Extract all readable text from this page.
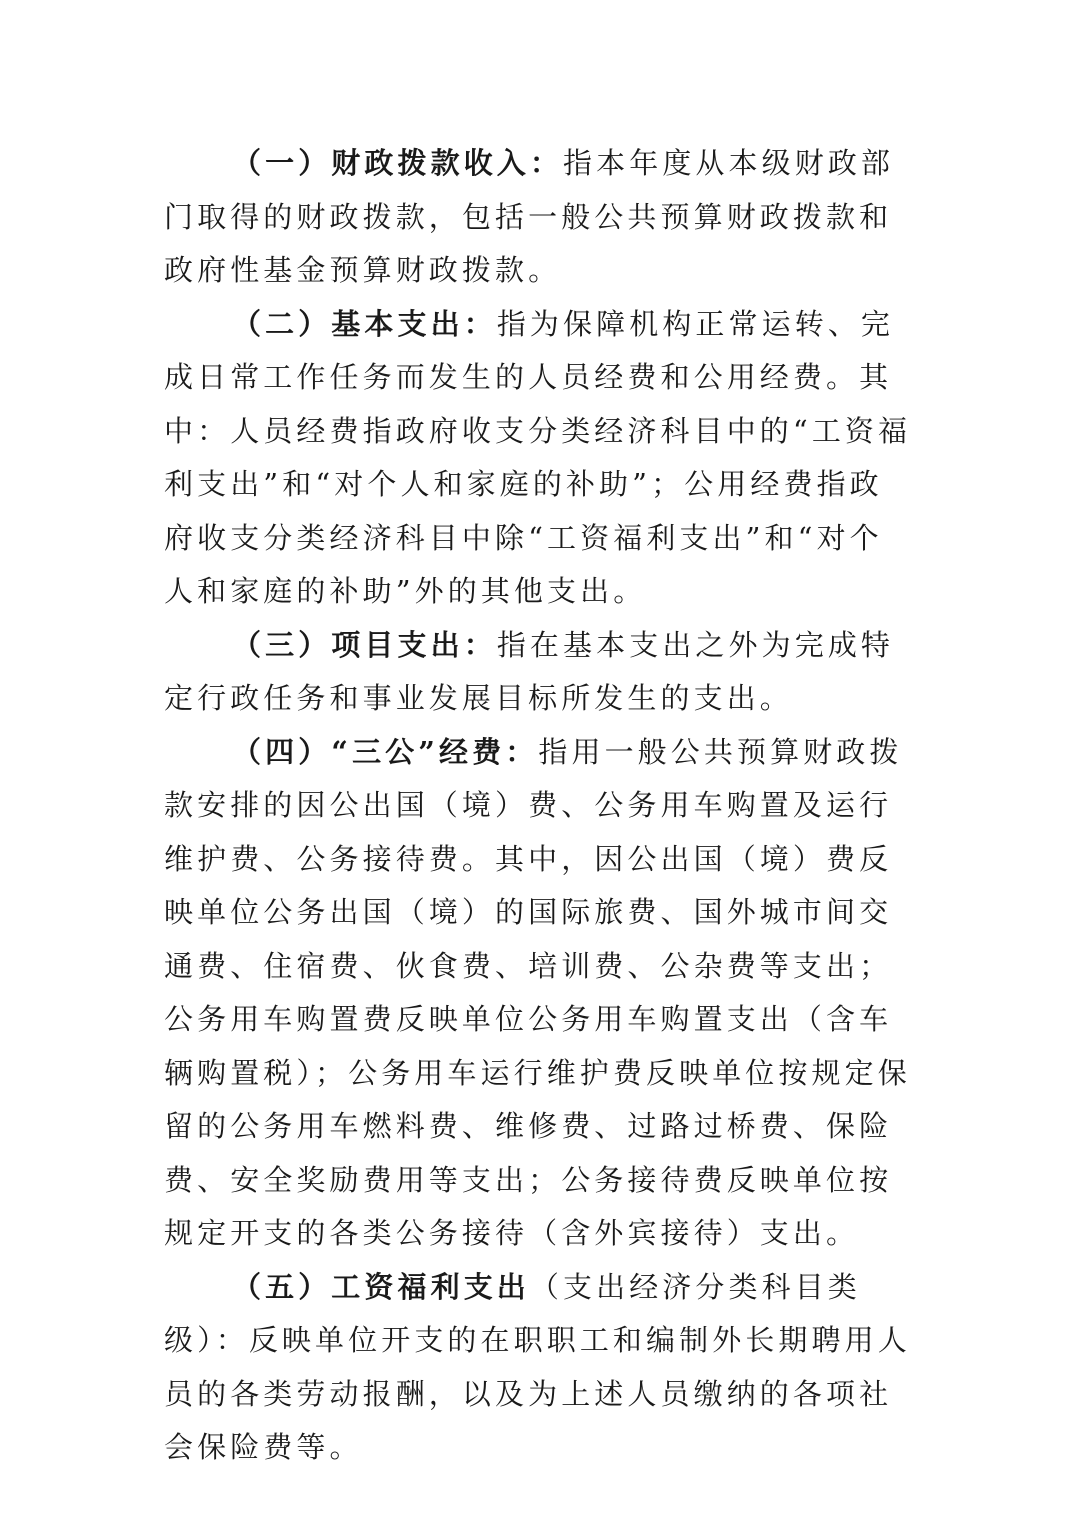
（一）财政拨款收入：指本年度从本级财政部门取得的财政拨款，包括一般公共预算财政拨款和政府性基金预算财政拨款。

（二）基本支出：指为保障机构正常运转、完成日常工作任务而发生的人员经费和公用经费。其中：人员经费指政府收支分类经济科目中的“工资福利支出”和“对个人和家庭的补助”；公用经费指政府收支分类经济科目中除“工资福利支出”和“对个人和家庭的补助”外的其他支出。

（三）项目支出：指在基本支出之外为完成特定行政任务和事业发展目标所发生的支出。

（四）“三公”经费：指用一般公共预算财政拨款安排的因公出国（境）费、公务用车购置及运行维护费、公务接待费。其中，因公出国（境）费反映单位公务出国（境）的国际旅费、国外城市间交通费、住宿费、伙食费、培训费、公杂费等支出；公务用车购置费反映单位公务用车购置支出（含车辆购置税）；公务用车运行维护费反映单位按规定保留的公务用车燃料费、维修费、过路过桥费、保险费、安全奖励费用等支出；公务接待费反映单位按规定开支的各类公务接待（含外宾接待）支出。

（五）工资福利支出（支出经济分类科目类级）：反映单位开支的在职职工和编制外长期聘用人员的各类劳动报酬，以及为上述人员缴纳的各项社会保险费等。
